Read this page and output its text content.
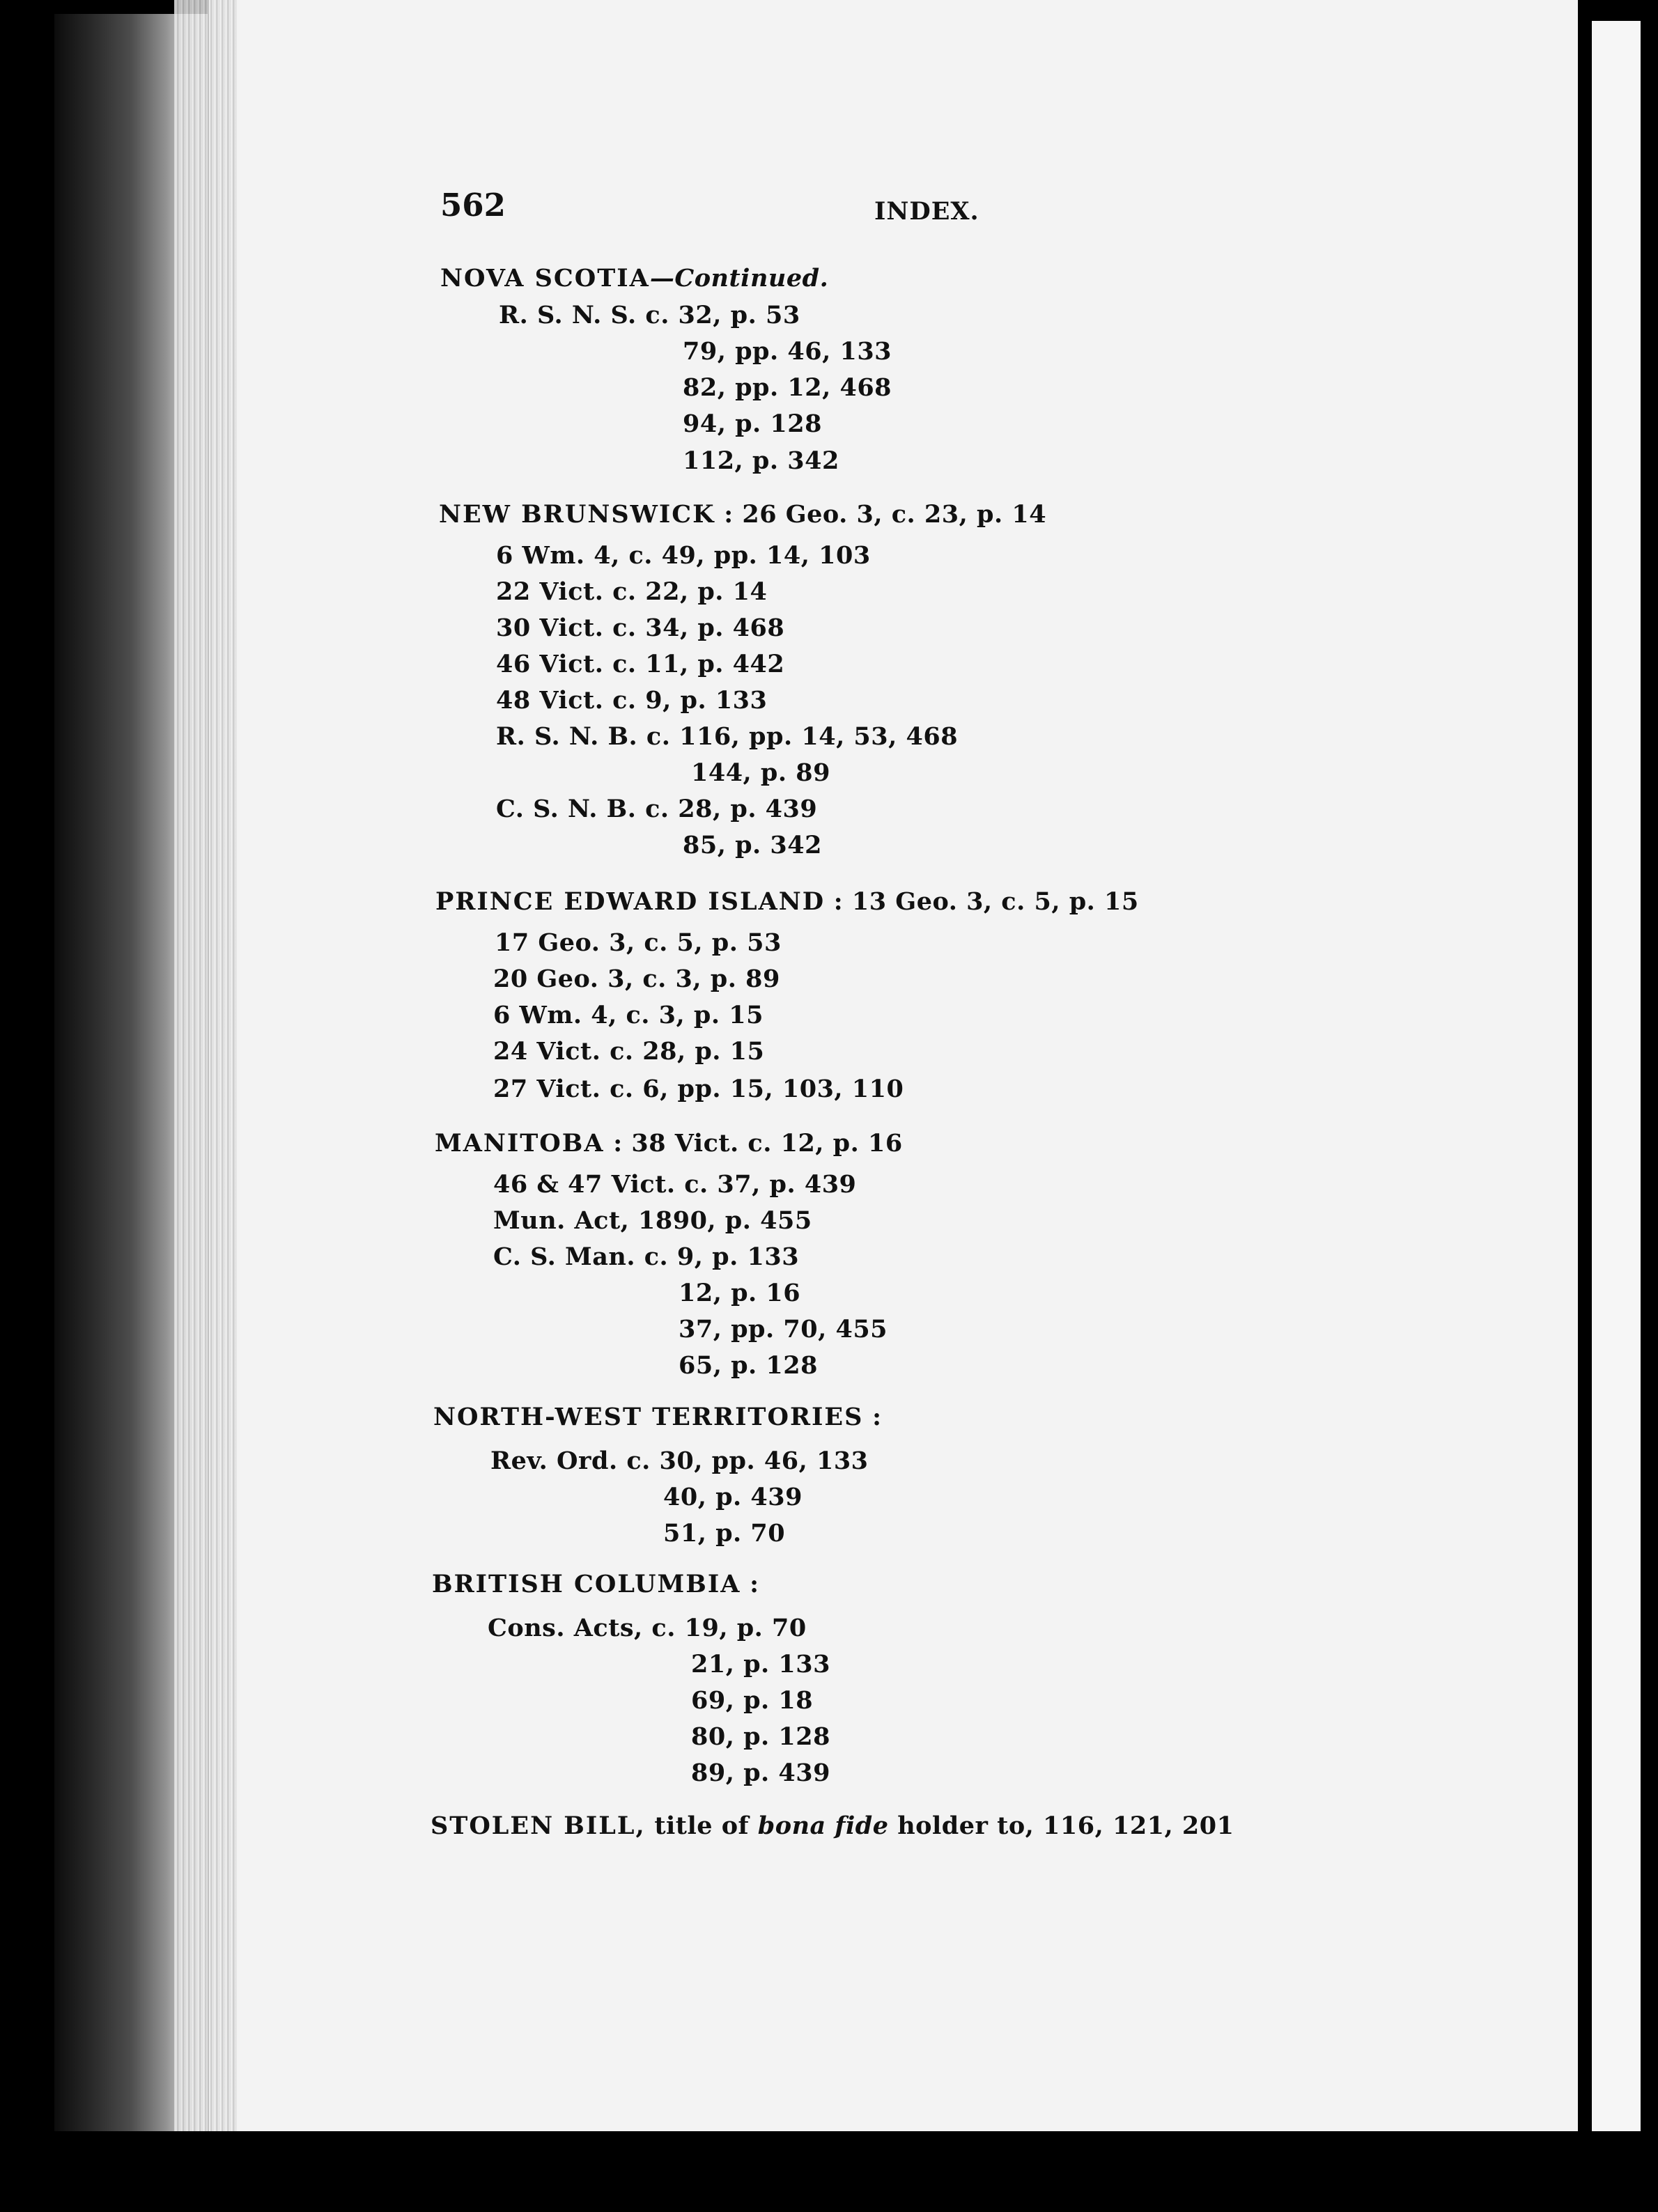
562	INDEX.
NOVA SCOTIA—Continued.
R. S. N. S. c. 32, p. 53
79, pp. 46, 133
82, pp. 12, 468
94, p. 128
112, p. 342
NEW BRUNSWICK : 26 Geo. 3, c. 23, p. 14
6 Wm. 4, c. 49, pp. 14, 103
22 Vict. c. 22, p. 14
30 Vict. c. 34, p. 468
46 Vict. c. 11, p. 442
48 Vict. c. 9, p. 133
R. S. N. B. c. 116, pp. 14, 53, 468
144, p. 89
C. S. N. B. c. 28, p. 439
85, p. 342
PRINCE EDWARD ISLAND : 13 Geo. 3, c. 5, p. 15
17 Geo. 3, c. 5, p. 53
20 Geo. 3, c. 3, p. 89
6 Wm. 4, c. 3, p. 15
24 Vict. c. 28, p. 15
27 Vict. c. 6, pp. 15, 103, 110
MANITOBA : 38 Vict. c. 12, p. 16
46 & 47 Vict. c. 37, p. 439
Mun. Act, 1890, p. 455
C. S. Man. c. 9, p. 133
12, p. 16
37, pp. 70, 455
65, p. 128
NORTH-WEST TERRITORIES :
Rev. Ord. c. 30, pp. 46, 133
40, p. 439
51, p. 70
BRITISH COLUMBIA :
Cons. Acts, c. 19, p. 70
21, p. 133
69, p. 18
80, p. 128
89, p. 439
STOLEN BILL, title of bona fide holder to, 116, 121, 201
